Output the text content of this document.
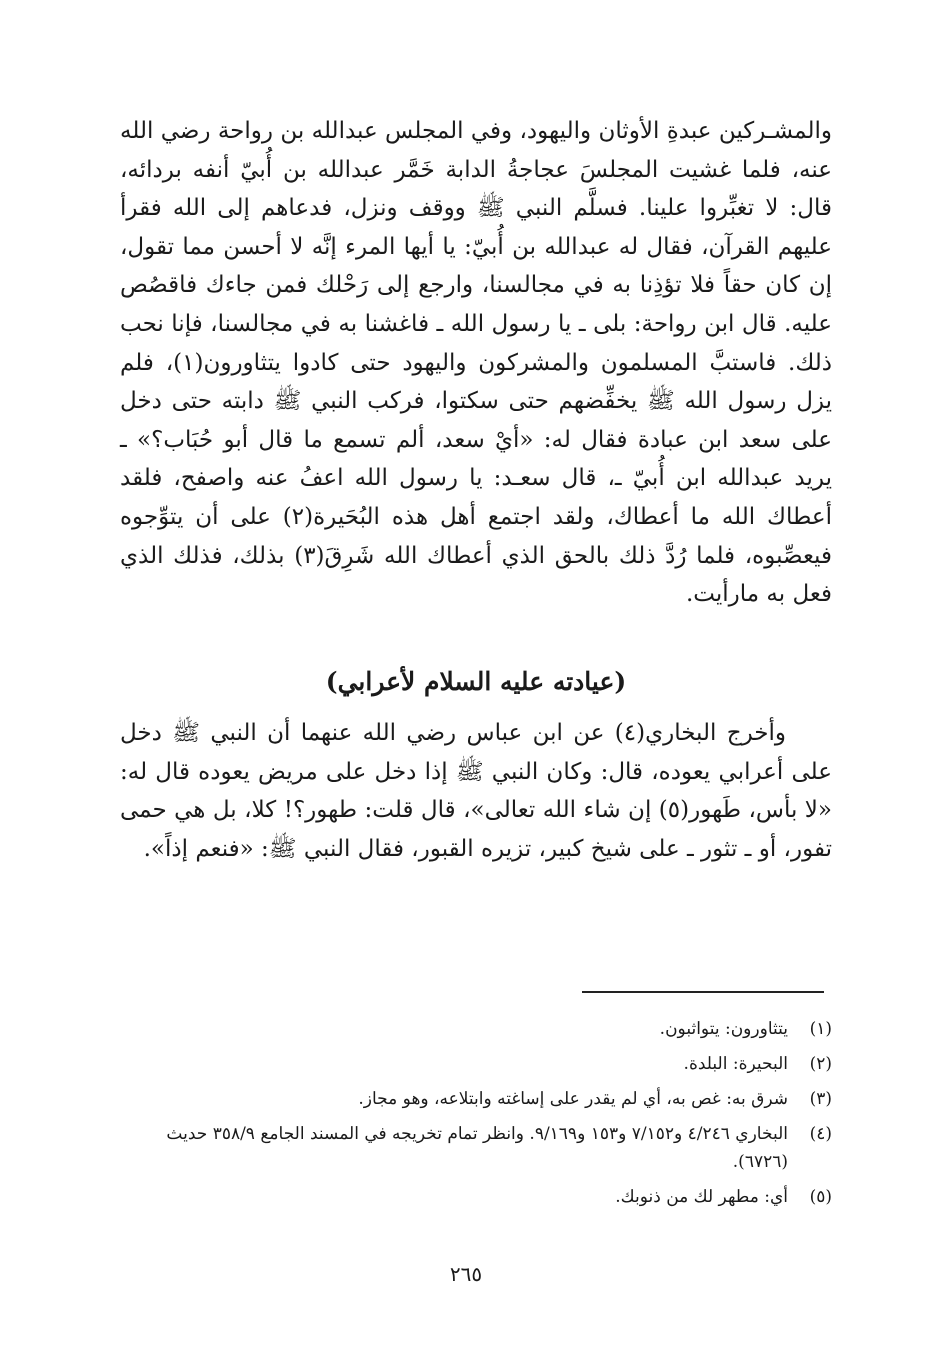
والمشـركين عبدةِ الأوثان واليهود، وفي المجلس عبدالله بن رواحة رضي الله عنه، فلما غشيت المجلسَ عجاجةُ الدابة خَمَّر عبدالله بن أُبيّ أنفه بردائه، قال: لا تغبِّروا علينا. فسلَّم النبي ﷺ ووقف ونزل، فدعاهم إلى الله فقرأ عليهم القرآن، فقال له عبدالله بن أُبيّ: يا أيها المرء إنَّه لا أحسن مما تقول، إن كان حقاً فلا تؤذِنا به في مجالسنا، وارجع إلى رَحْلك فمن جاءك فاقصُص عليه. قال ابن رواحة: بلى ـ يا رسول الله ـ فاغشنا به في مجالسنا، فإنا نحب ذلك. فاستبَّ المسلمون والمشركون واليهود حتى كادوا يتثاورون(١)، فلم يزل رسول الله ﷺ يخفِّضهم حتى سكتوا، فركب النبي ﷺ دابته حتى دخل على سعد ابن عبادة فقال له: «أيْ سعد، ألم تسمع ما قال أبو حُبَاب؟» ـ يريد عبدالله ابن أُبيّ ـ، قال سعـد: يا رسول الله اعفُ عنه واصفح، فلقد أعطاك الله ما أعطاك، ولقد اجتمع أهل هذه البُحَيرة(٢) على أن يتوِّجوه فيعصِّبوه، فلما رُدَّ ذلك بالحق الذي أعطاك الله شَرِقَ(٣) بذلك، فذلك الذي فعل به مارأيت.

(عيادته عليه السلام لأعرابي)

وأخرج البخاري(٤) عن ابن عباس رضي الله عنهما أن النبي ﷺ دخل على أعرابي يعوده، قال: وكان النبي ﷺ إذا دخل على مريض يعوده قال له: «لا بأس، طَهور(٥) إن شاء الله تعالى»، قال قلت: طهور؟! كلا، بل هي حمى تفور، أو ـ تثور ـ على شيخ كبير، تزيره القبور، فقال النبي ﷺ: «فنعم إذاً».

(١)
يتثاورون: يتواثبون.
(٢)
البحيرة: البلدة.
(٣)
شرق به: غص به، أي لم يقدر على إساغته وابتلاعه، وهو مجاز.
(٤)
البخاري ٤/٢٤٦ و٧/١٥٢ و١٥٣ و٩/١٦٩. وانظر تمام تخريجه في المسند الجامع ٣٥٨/٩ حديث (٦٧٢٦).
(٥)
أي: مطهر لك من ذنوبك.
٢٦٥
